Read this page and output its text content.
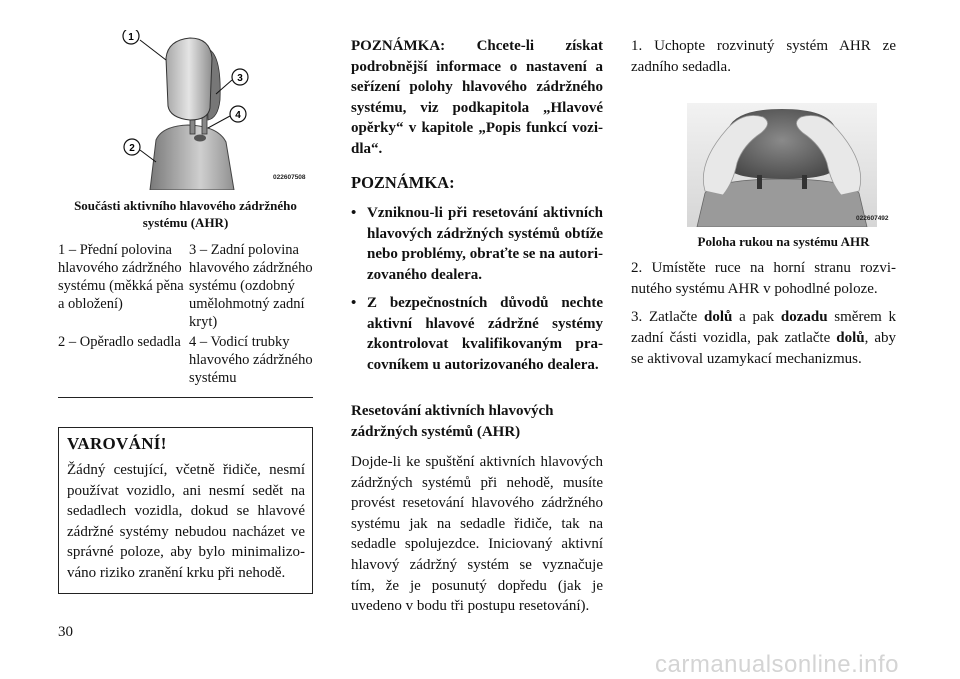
1
2
3
4
022607508
Součásti aktivního hlavového zádržného systému (AHR)
1 – Přední polovina hlavového zádržného systému (měkká pěna a obložení)
3 – Zadní polovina hlavového zádržného systému (ozdobný umělohmotný zadní kryt)
2 – Opěradlo sedadla 4 – Vodicí trubky hlavového zádržného systému
VAROVÁNÍ!
Žádný cestující, včetně řidiče, nesmí používat vozidlo, ani nesmí sedět na sedadlech vozidla, dokud se hlavové zádržné systémy nebudou nacházet ve správné poloze, aby bylo minimalizováno riziko zranění krku při nehodě.
POZNÁMKA: Chcete-li získat podrobnější informace o nastavení a seřízení polohy hlavového zádržného systému, viz podkapitola „Hlavové opěrky“ v kapitole „Popis funkcí vozidla“.
POZNÁMKA:
• Vzniknou-li při resetování aktivních hlavových zádržných systémů obtíže nebo problémy, obraťte se na autorizovaného dealera.
• Z bezpečnostních důvodů nechte aktivní hlavové zádržné systémy zkontrolovat kvalifikovaným pracovníkem u autorizovaného dealera.
Resetování aktivních hlavových zádržných systémů (AHR)
Dojde-li ke spuštění aktivních hlavových zádržných systémů při nehodě, musíte provést resetování hlavového zádržného systému jak na sedadle řidiče, tak na sedadle spolujezdce. Iniciovaný aktivní hlavový zádržný systém se vyznačuje tím, že je posunutý dopředu (jak je uvedeno v bodu tři postupu resetování).
1. Uchopte rozvinutý systém AHR ze zadního sedadla.
022607492
Poloha rukou na systému AHR
2. Umístěte ruce na horní stranu rozvinutého systému AHR v pohodlné poloze.
3. Zatlačte dolů a pak dozadu směrem k zadní části vozidla, pak zatlačte dolů, aby se aktivoval uzamykací mechanizmus.
30
carmanualsonline.info
